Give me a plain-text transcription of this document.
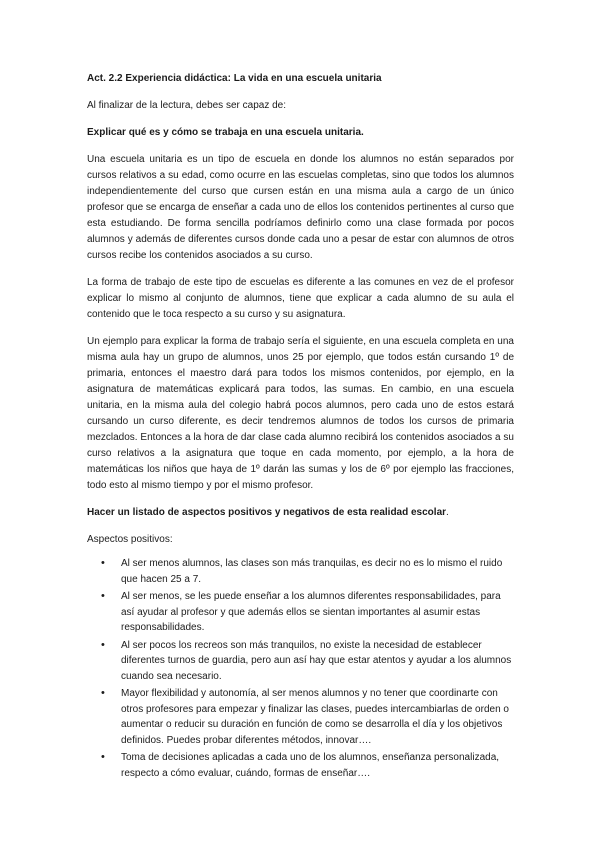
Act. 2.2 Experiencia didáctica: La vida en una escuela unitaria
Al finalizar de la lectura, debes ser capaz de:
Explicar qué es y cómo se trabaja en una escuela unitaria.

Una escuela unitaria es un tipo de escuela en donde los alumnos no están separados por cursos relativos a su edad, como ocurre en las escuelas completas, sino que todos los alumnos independientemente del curso que cursen están en una misma aula a cargo de un único profesor que se encarga de enseñar a cada uno de ellos los contenidos pertinentes al curso que esta estudiando. De forma sencilla podríamos definirlo como una clase formada por pocos alumnos y además de diferentes cursos donde cada uno a pesar de estar con alumnos de otros cursos recibe los contenidos asociados a su curso.

La forma de trabajo de este tipo de escuelas es diferente a las comunes en vez de el profesor explicar lo mismo al conjunto de alumnos, tiene que explicar a cada alumno de su aula el contenido que le toca respecto a su curso y su asignatura.

Un ejemplo para explicar la forma de trabajo sería el siguiente, en una escuela completa en una misma aula hay un grupo de alumnos, unos 25 por ejemplo, que todos están cursando 1º de primaria, entonces el maestro dará para todos los mismos contenidos, por ejemplo, en la asignatura de matemáticas explicará para todos, las sumas. En cambio, en una escuela unitaria, en la misma aula del colegio habrá pocos alumnos, pero cada uno de estos estará cursando un curso diferente, es decir tendremos alumnos de todos los cursos de primaria mezclados. Entonces a la hora de dar clase cada alumno recibirá los contenidos asociados a su curso relativos a la asignatura que toque en cada momento, por ejemplo, a la hora de matemáticas los niños que haya de 1º darán las sumas y los de 6º por ejemplo las fracciones, todo esto al mismo tiempo y por el mismo profesor.

Hacer un listado de aspectos positivos y negativos de esta realidad escolar.
Aspectos positivos:
• Al ser menos alumnos, las clases son más tranquilas, es decir no es lo mismo el ruido que hacen 25 a 7.
• Al ser menos, se les puede enseñar a los alumnos diferentes responsabilidades, para así ayudar al profesor y que además ellos se sientan importantes al asumir estas responsabilidades.
• Al ser pocos los recreos son más tranquilos, no existe la necesidad de establecer diferentes turnos de guardia, pero aun así hay que estar atentos y ayudar a los alumnos cuando sea necesario.
• Mayor flexibilidad y autonomía, al ser menos alumnos y no tener que coordinarte con otros profesores para empezar y finalizar las clases, puedes intercambiarlas de orden o aumentar o reducir su duración en función de como se desarrolla el día y los objetivos definidos. Puedes probar diferentes métodos, innovar….
• Toma de decisiones aplicadas a cada uno de los alumnos, enseñanza personalizada, respecto a cómo evaluar, cuándo, formas de enseñar….
